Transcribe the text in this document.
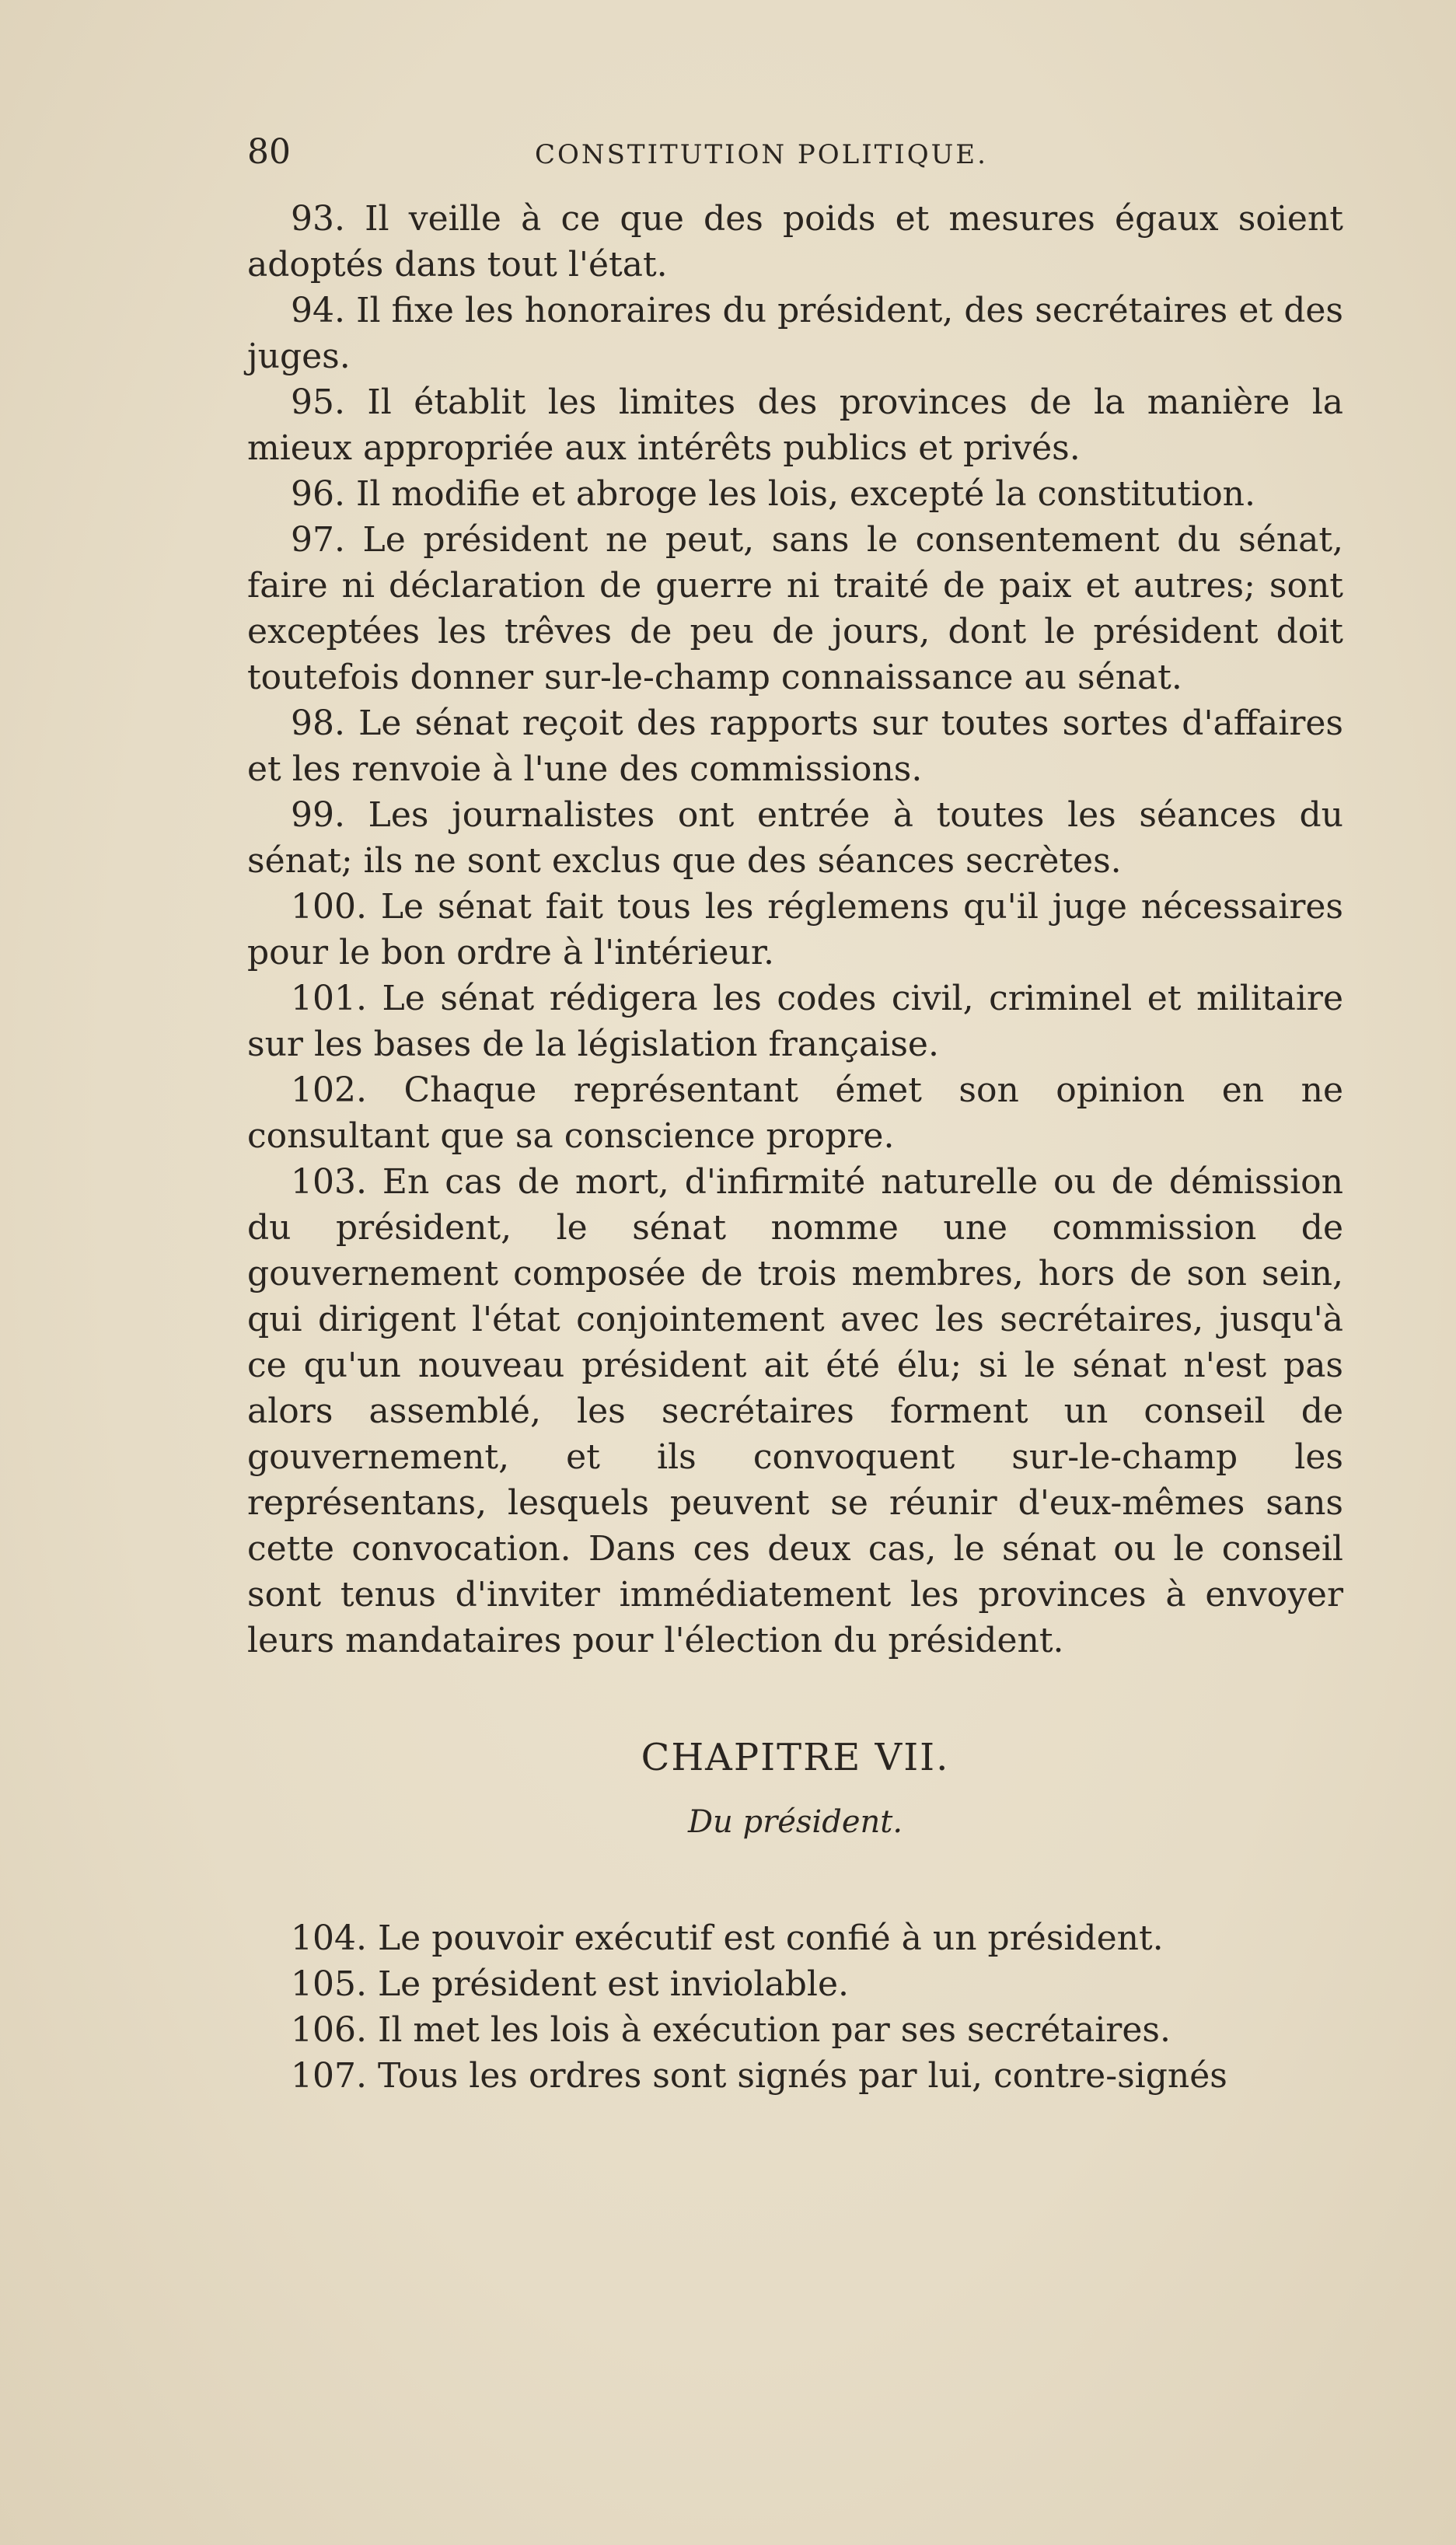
80	CONSTITUTION POLITIQUE.

93. Il veille à ce que des poids et mesures égaux soient adoptés dans tout l'état.

94. Il fixe les honoraires du président, des secrétaires et des juges.

95. Il établit les limites des provinces de la manière la mieux appropriée aux intérêts publics et privés.

96. Il modifie et abroge les lois, excepté la constitution.

97. Le président ne peut, sans le consentement du sénat, faire ni déclaration de guerre ni traité de paix et autres; sont exceptées les trêves de peu de jours, dont le président doit toutefois donner sur-le-champ connaissance au sénat.

98. Le sénat reçoit des rapports sur toutes sortes d'affaires et les renvoie à l'une des commissions.

99. Les journalistes ont entrée à toutes les séances du sénat; ils ne sont exclus que des séances secrètes.

100. Le sénat fait tous les réglemens qu'il juge nécessaires pour le bon ordre à l'intérieur.

101. Le sénat rédigera les codes civil, criminel et militaire sur les bases de la législation française.

102. Chaque représentant émet son opinion en ne consultant que sa conscience propre.

103. En cas de mort, d'infirmité naturelle ou de démission du président, le sénat nomme une commission de gouvernement composée de trois membres, hors de son sein, qui dirigent l'état conjointement avec les secrétaires, jusqu'à ce qu'un nouveau président ait été élu; si le sénat n'est pas alors assemblé, les secrétaires forment un conseil de gouvernement, et ils convoquent sur-le-champ les représentans, lesquels peuvent se réunir d'eux-mêmes sans cette convocation. Dans ces deux cas, le sénat ou le conseil sont tenus d'inviter immédiatement les provinces à envoyer leurs mandataires pour l'élection du président.

CHAPITRE VII.
Du président.

104. Le pouvoir exécutif est confié à un président.

105. Le président est inviolable.

106. Il met les lois à exécution par ses secrétaires.

107. Tous les ordres sont signés par lui, contre-signés
